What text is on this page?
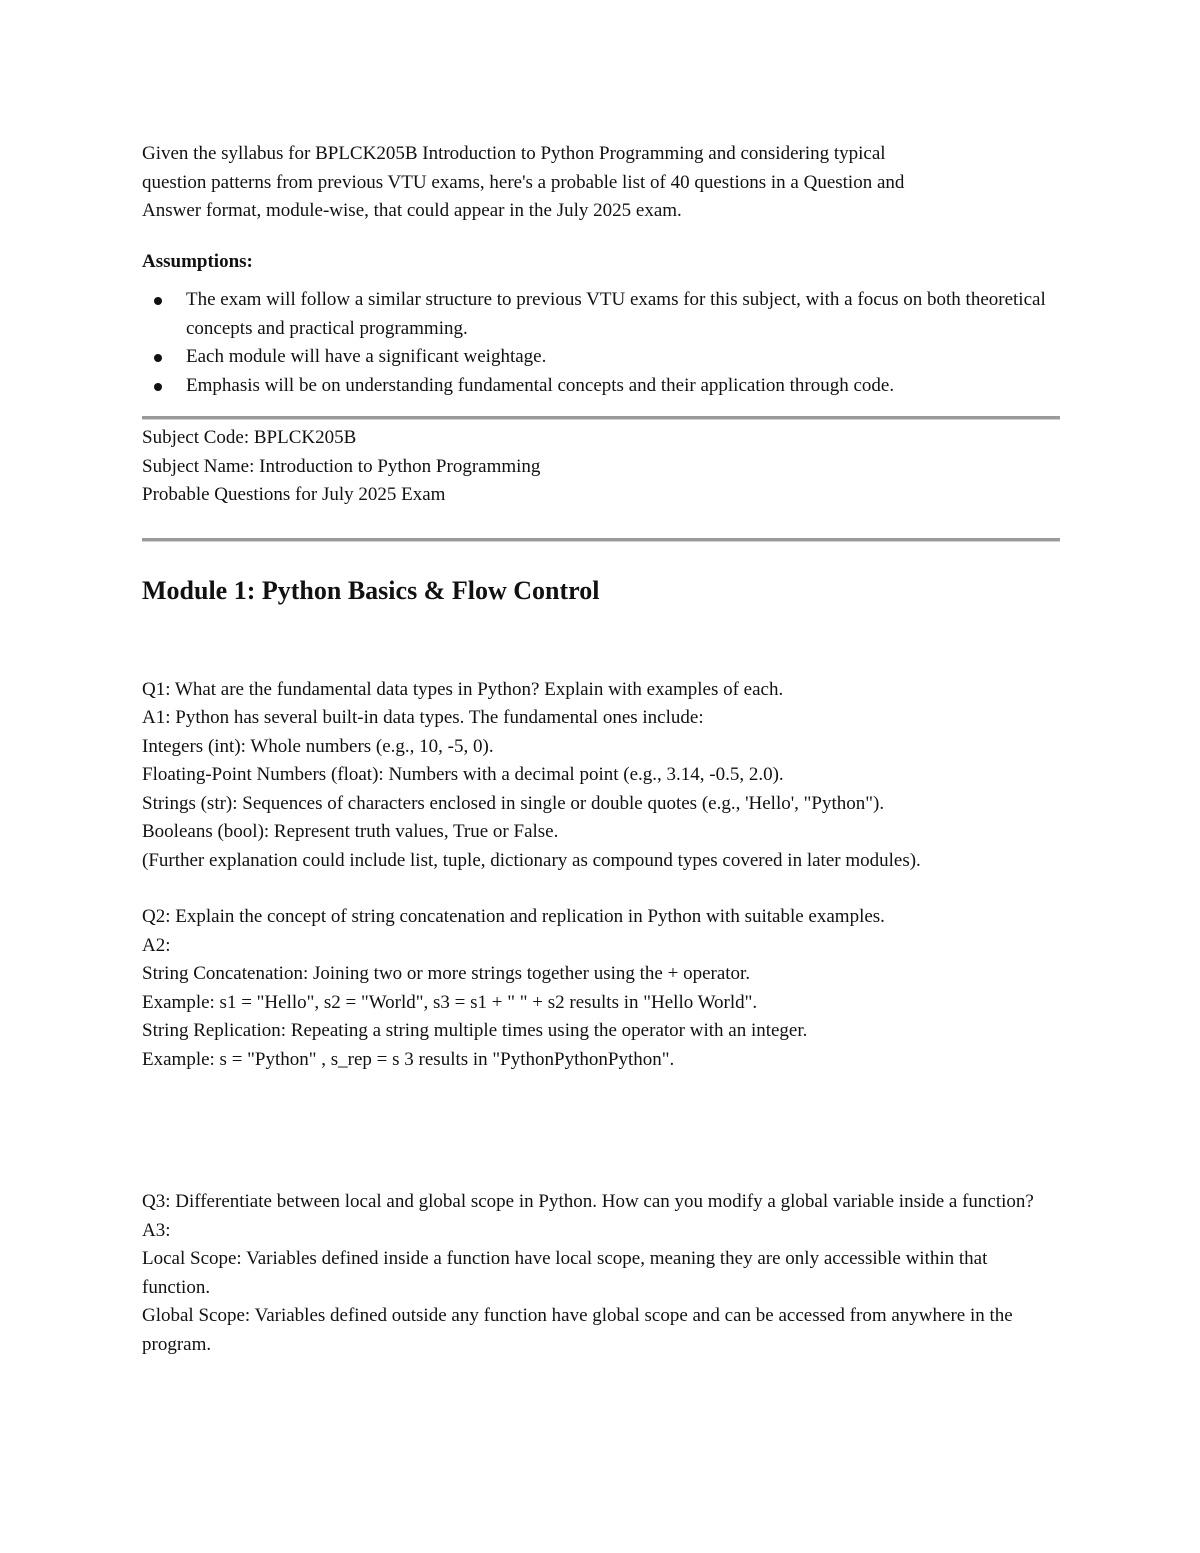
Given the syllabus for BPLCK205B Introduction to Python Programming and considering typical

question patterns from previous VTU exams, here's a probable list of 40 questions in a Question and

Answer format, module-wise, that could appear in the July 2025 exam.

Assumptions:

The exam will follow a similar structure to previous VTU exams for this subject, with a focus on both theoretical concepts and practical programming.
Each module will have a significant weightage.
Emphasis will be on understanding fundamental concepts and their application through code.

Subject Code: BPLCK205B

Subject Name: Introduction to Python Programming

Probable Questions for July 2025 Exam

Module 1: Python Basics & Flow Control

Q1: What are the fundamental data types in Python? Explain with examples of each.

A1: Python has several built-in data types. The fundamental ones include:

Integers (int): Whole numbers (e.g., 10, -5, 0).

Floating-Point Numbers (float): Numbers with a decimal point (e.g., 3.14, -0.5, 2.0).

Strings (str): Sequences of characters enclosed in single or double quotes (e.g., 'Hello', "Python").

Booleans (bool): Represent truth values, True or False.

(Further explanation could include list, tuple, dictionary as compound types covered in later modules).

Q2: Explain the concept of string concatenation and replication in Python with suitable examples.

A2:

String Concatenation: Joining two or more strings together using the + operator.

Example: s1 = "Hello", s2 = "World", s3 = s1 + " " + s2 results in "Hello World".

String Replication: Repeating a string multiple times using the operator with an integer.

Example: s = "Python" , s_rep = s 3 results in "PythonPythonPython".

Q3: Differentiate between local and global scope in Python. How can you modify a global variable inside a function?

A3:

Local Scope: Variables defined inside a function have local scope, meaning they are only accessible within that function.

Global Scope: Variables defined outside any function have global scope and can be accessed from anywhere in the program.
